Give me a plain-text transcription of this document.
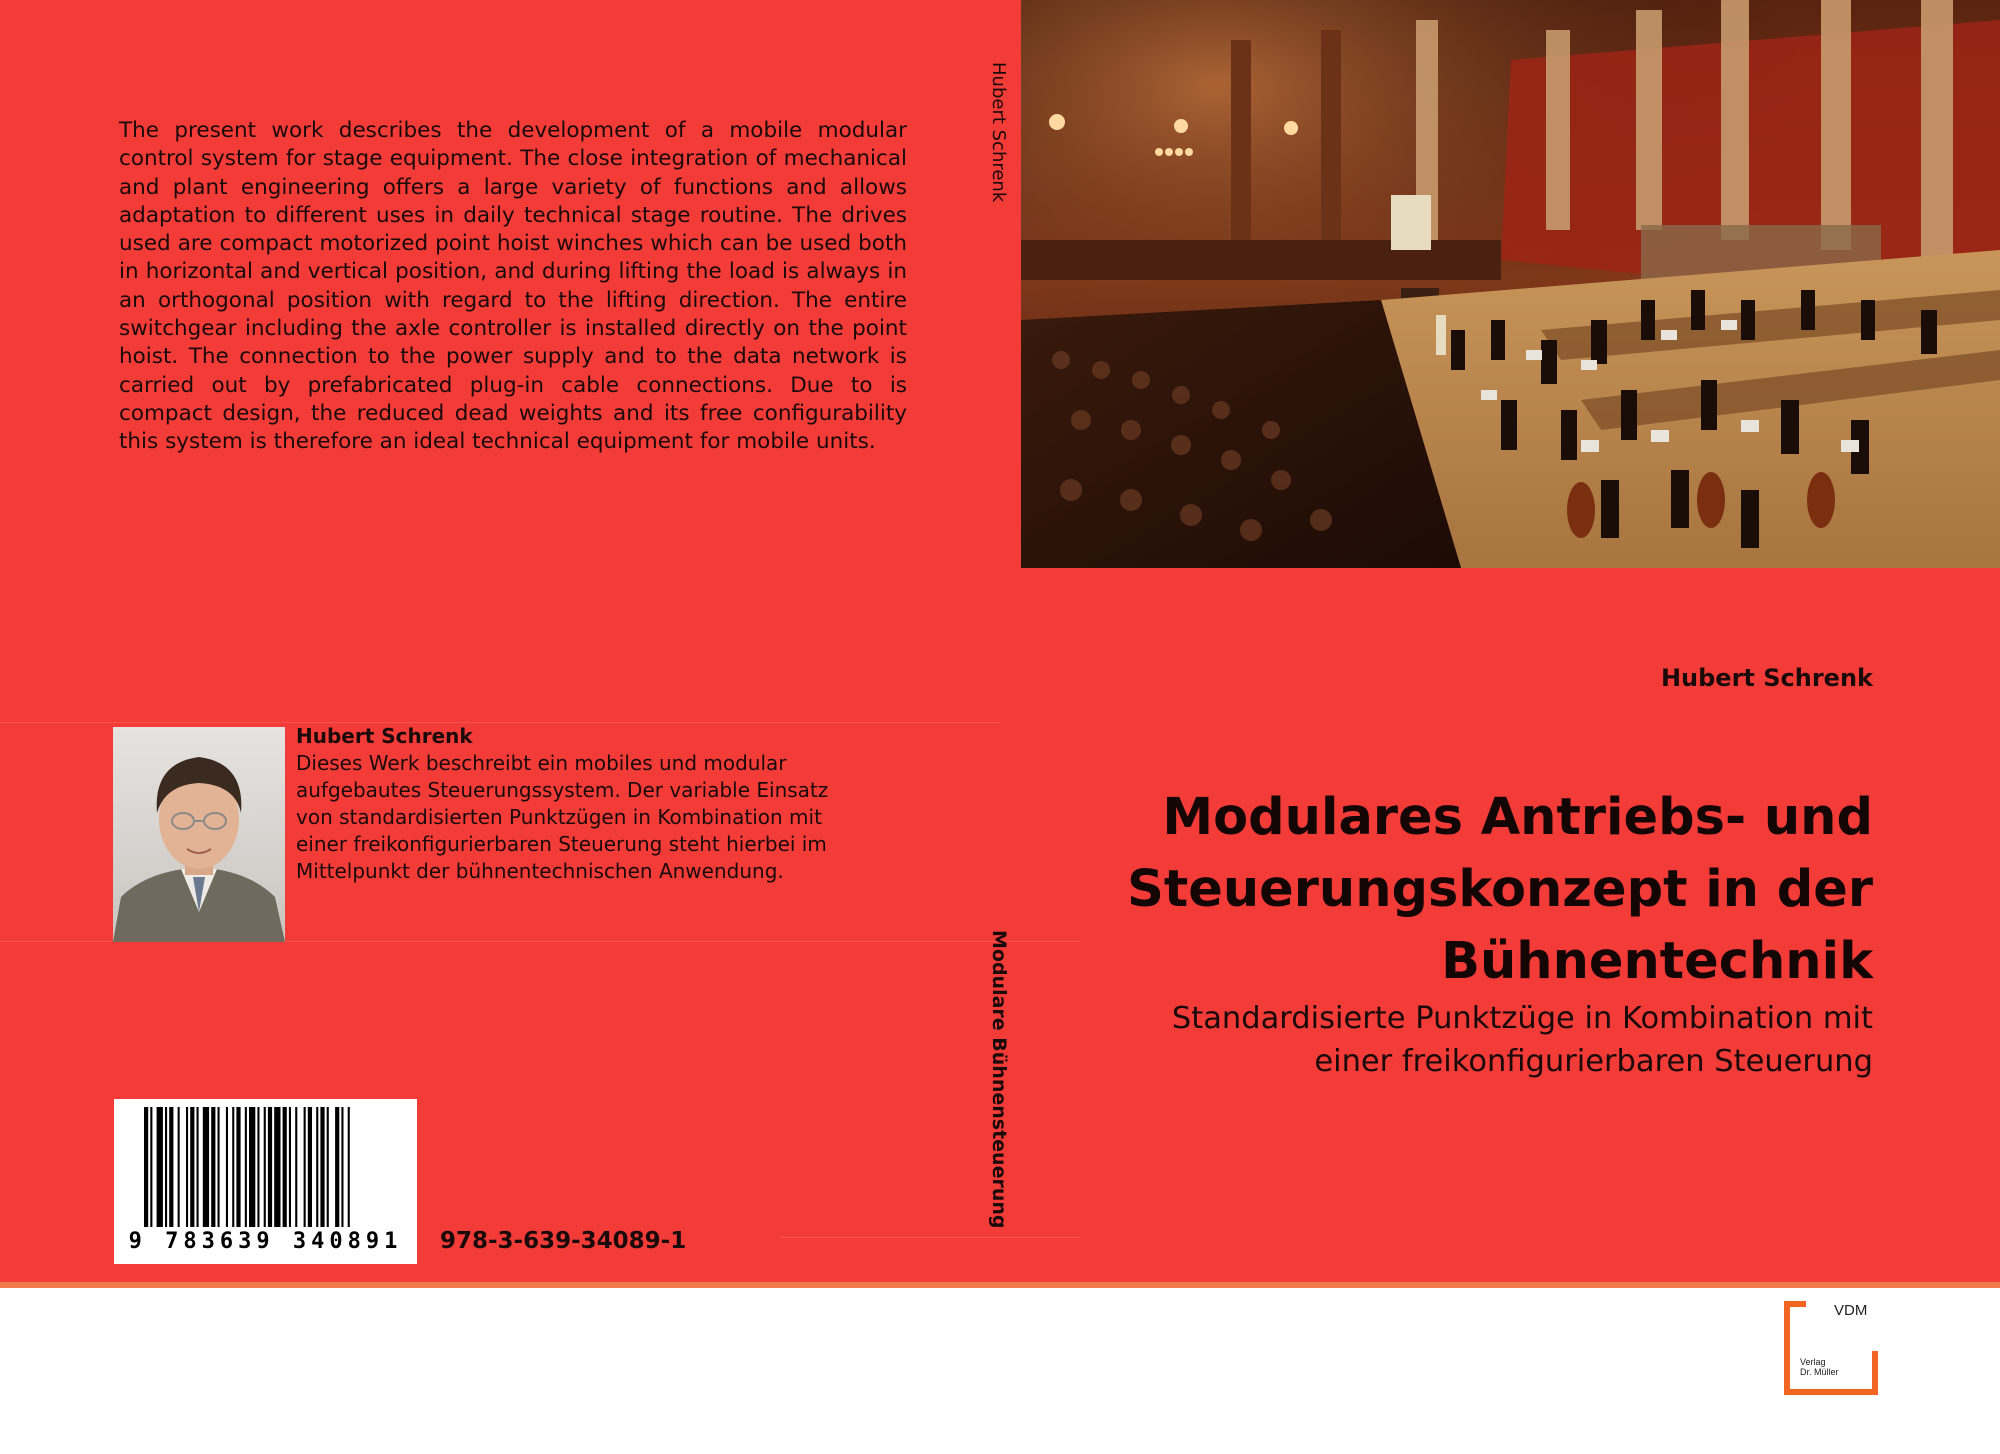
The present work describes the development of a mobile modular control system for stage equipment. The close integration of mechanical and plant engineering offers a large variety of functions and allows adaptation to different uses in daily technical stage routine. The drives used are compact motorized point hoist winches which can be used both in horizontal and vertical position, and during lifting the load is always in an orthogonal position with regard to the lifting direction. The entire switchgear including the axle controller is installed directly on the point hoist. The connection to the power supply and to the data network is carried out by prefabricated plug-in cable connections. Due to is compact design, the reduced dead weights and its free configurability this system is therefore an ideal technical equipment for mobile units.

Hubert Schrenk

Dieses Werk beschreibt ein mobiles und modular
aufgebautes Steuerungssystem. Der variable Einsatz
von standardisierten Punktzügen in Kombination mit
einer freikonfigurierbaren Steuerung steht hierbei im
Mittelpunkt der bühnentechnischen Anwendung.

9 783639 340891	978-3-639-34089-1
Hubert Schrenk
Modulare Bühnensteuerung
Hubert Schrenk
Modulares Antriebs- und
Steuerungskonzept in der
Bühnentechnik

Standardisierte Punktzüge in Kombination mit
einer freikonfigurierbaren Steuerung

VDM
Verlag
Dr. Müller
